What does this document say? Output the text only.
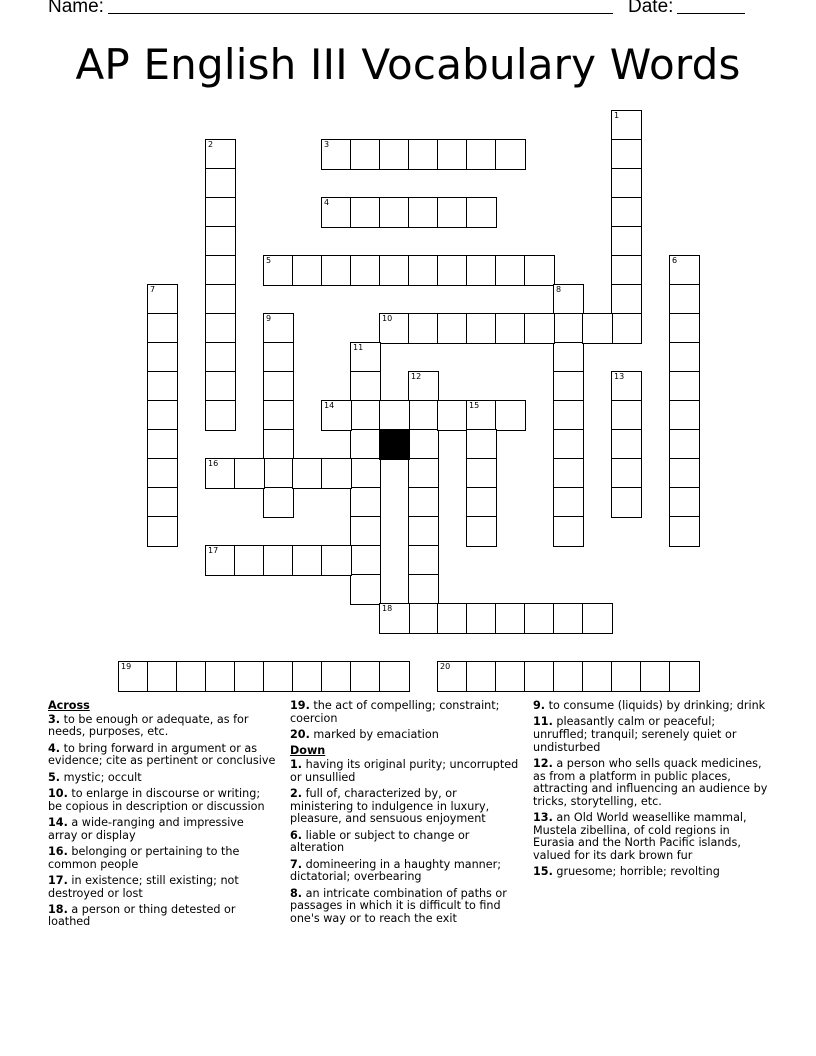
Name:	Date:
AP English III Vocabulary Words
1
2	3
4
5	6
7	8
9	10
11
12	13
14	15
16
17
18
19	20
Across
3. to be enough or adequate, as for needs, purposes, etc.
4. to bring forward in argument or as evidence; cite as pertinent or conclusive
5. mystic; occult
10. to enlarge in discourse or writing; be copious in description or discussion
14. a wide-ranging and impressive array or display
16. belonging or pertaining to the common people
17. in existence; still existing; not destroyed or lost
18. a person or thing detested or loathed
19. the act of compelling; constraint; coercion
20. marked by emaciation
Down
1. having its original purity; uncorrupted or unsullied
2. full of, characterized by, or ministering to indulgence in luxury, pleasure, and sensuous enjoyment
6. liable or subject to change or alteration
7. domineering in a haughty manner; dictatorial; overbearing
8. an intricate combination of paths or passages in which it is difficult to find one's way or to reach the exit
9. to consume (liquids) by drinking; drink
11. pleasantly calm or peaceful; unruffled; tranquil; serenely quiet or undisturbed
12. a person who sells quack medicines, as from a platform in public places, attracting and influencing an audience by tricks, storytelling, etc.
13. an Old World weasellike mammal, Mustela zibellina, of cold regions in Eurasia and the North Pacific islands, valued for its dark brown fur
15. gruesome; horrible; revolting
